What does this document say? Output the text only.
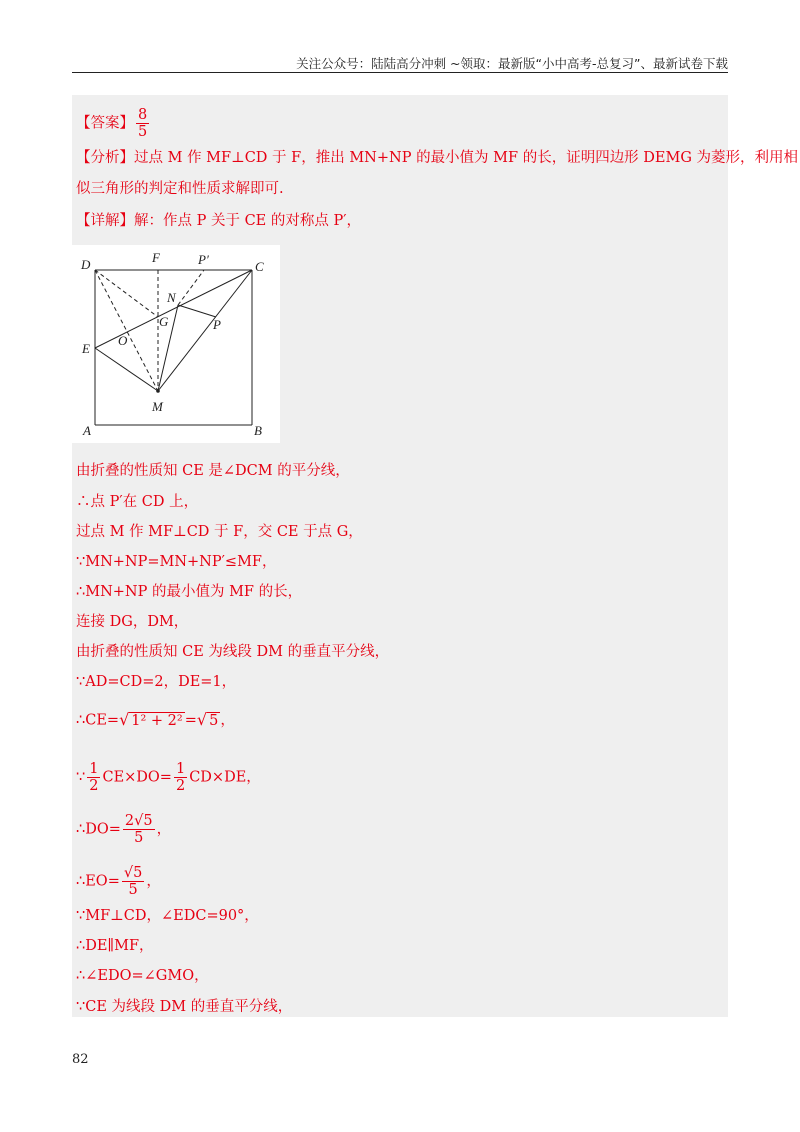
关注公众号：陆陆高分冲刺 ~领取：最新版“小中高考-总复习”、最新试卷下载
【答案】 $\frac{8}{5}$
【分析】过点 M 作 MF⊥CD 于 F，推出 MN+NP 的最小值为 MF 的长，证明四边形 DEMG 为菱形，利用相
似三角形的判定和性质求解即可.
【详解】解：作点 P 关于 CE 的对称点 P′，
由折叠的性质知 CE 是∠DCM 的平分线，
∴点 P′在 CD 上，
过点 M 作 MF⊥CD 于 F，交 CE 于点 G，
∵MN+NP=MN+NP′≤MF，
∴MN+NP 的最小值为 MF 的长，
连接 DG，DM，
由折叠的性质知 CE 为线段 DM 的垂直平分线，
∵AD=CD=2，DE=1，
∴CE=√ 1² + 2² =√ 5 ，
∵ $\frac{1}{2} CE\times DO= \frac{1}{2} CD\times DE$，
∴DO= $\frac{2√5}{5}$ ，
∴EO= $\frac{√5}{5}$ ，
∵MF⊥CD，∠EDC=90°，
∴DE∥MF，
∴∠EDO=∠GMO，
∵CE 为线段 DM 的垂直平分线，
D	F	P′	C
N
G	P
O
E
M
A	B
82
